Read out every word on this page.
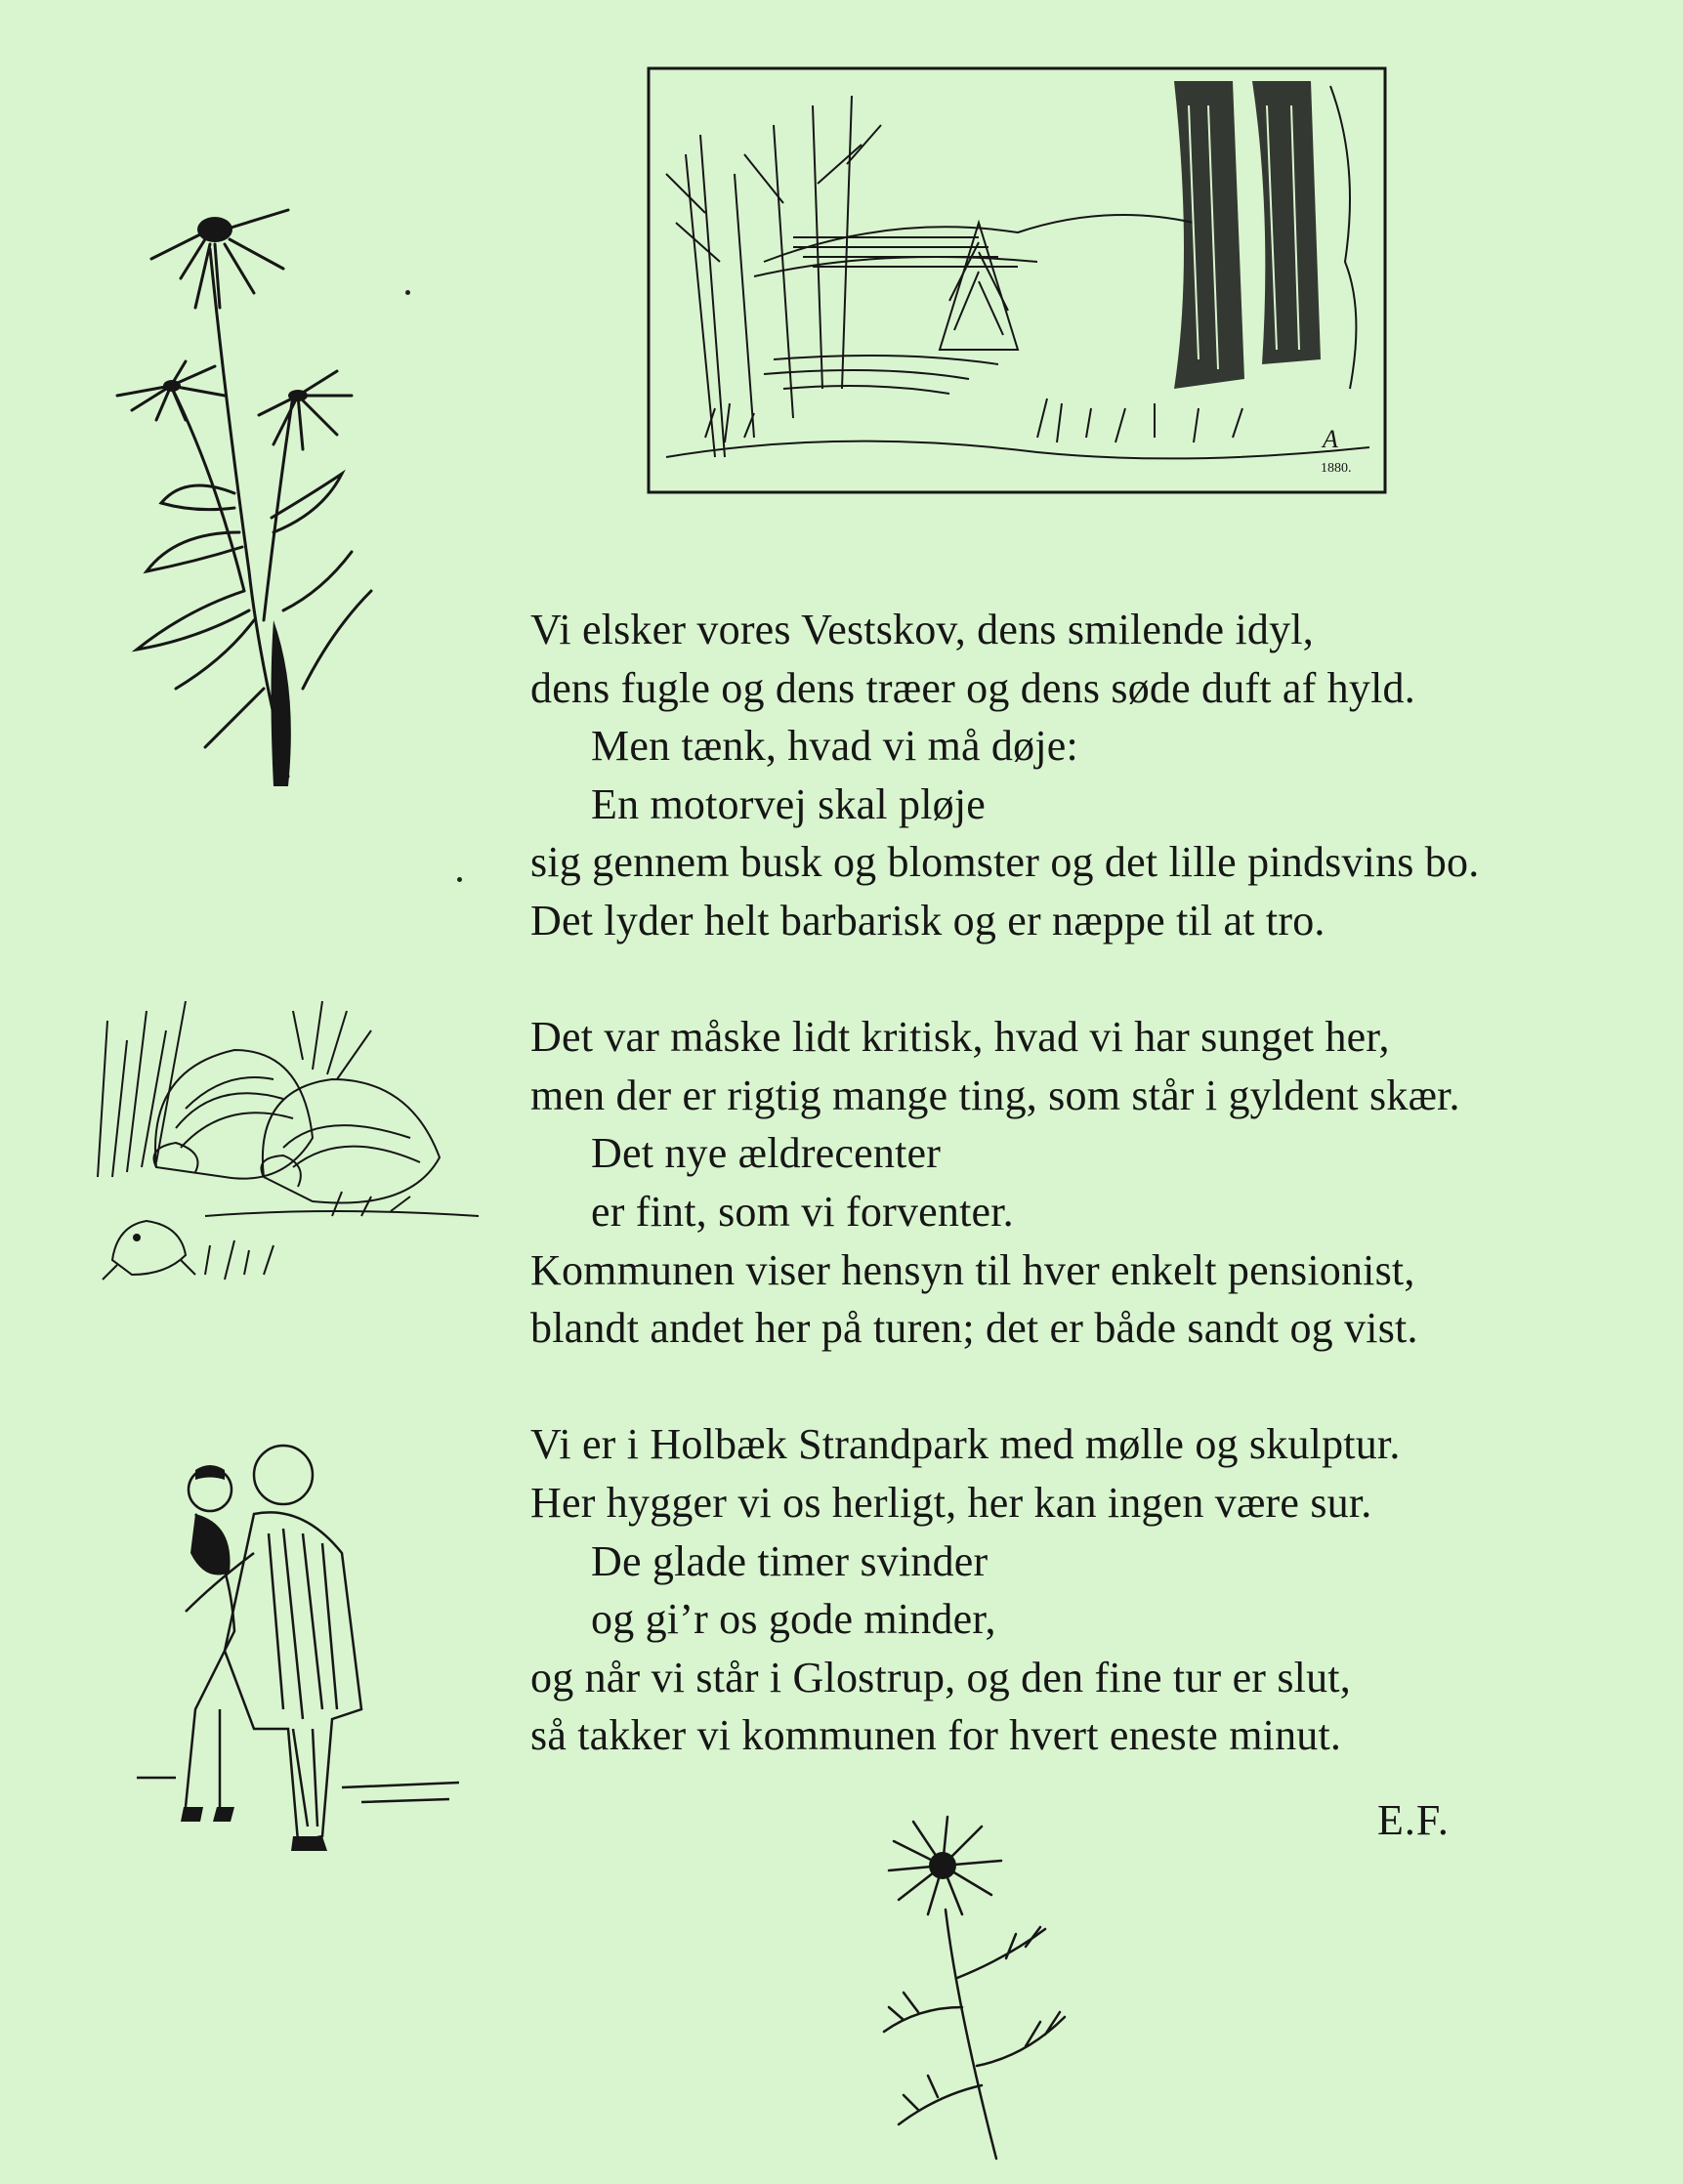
1880.
A
Vi elsker vores Vestskov, dens smilende idyl,
dens fugle og dens træer og dens søde duft af hyld.
Men tænk, hvad vi må døje:
En motorvej skal pløje
sig gennem busk og blomster og det lille pindsvins bo.
Det lyder helt barbarisk og er næppe til at tro.
Det var måske lidt kritisk, hvad vi har sunget her,
men der er rigtig mange ting, som står i gyldent skær.
Det nye ældrecenter
er fint, som vi forventer.
Kommunen viser hensyn til hver enkelt pensionist,
blandt andet her på turen; det er både sandt og vist.
Vi er i Holbæk Strandpark med mølle og skulptur.
Her hygger vi os herligt, her kan ingen være sur.
De glade timer svinder
og gi’r os gode minder,
og når vi står i Glostrup, og den fine tur er slut,
så takker vi kommunen for hvert eneste minut.
E.F.
